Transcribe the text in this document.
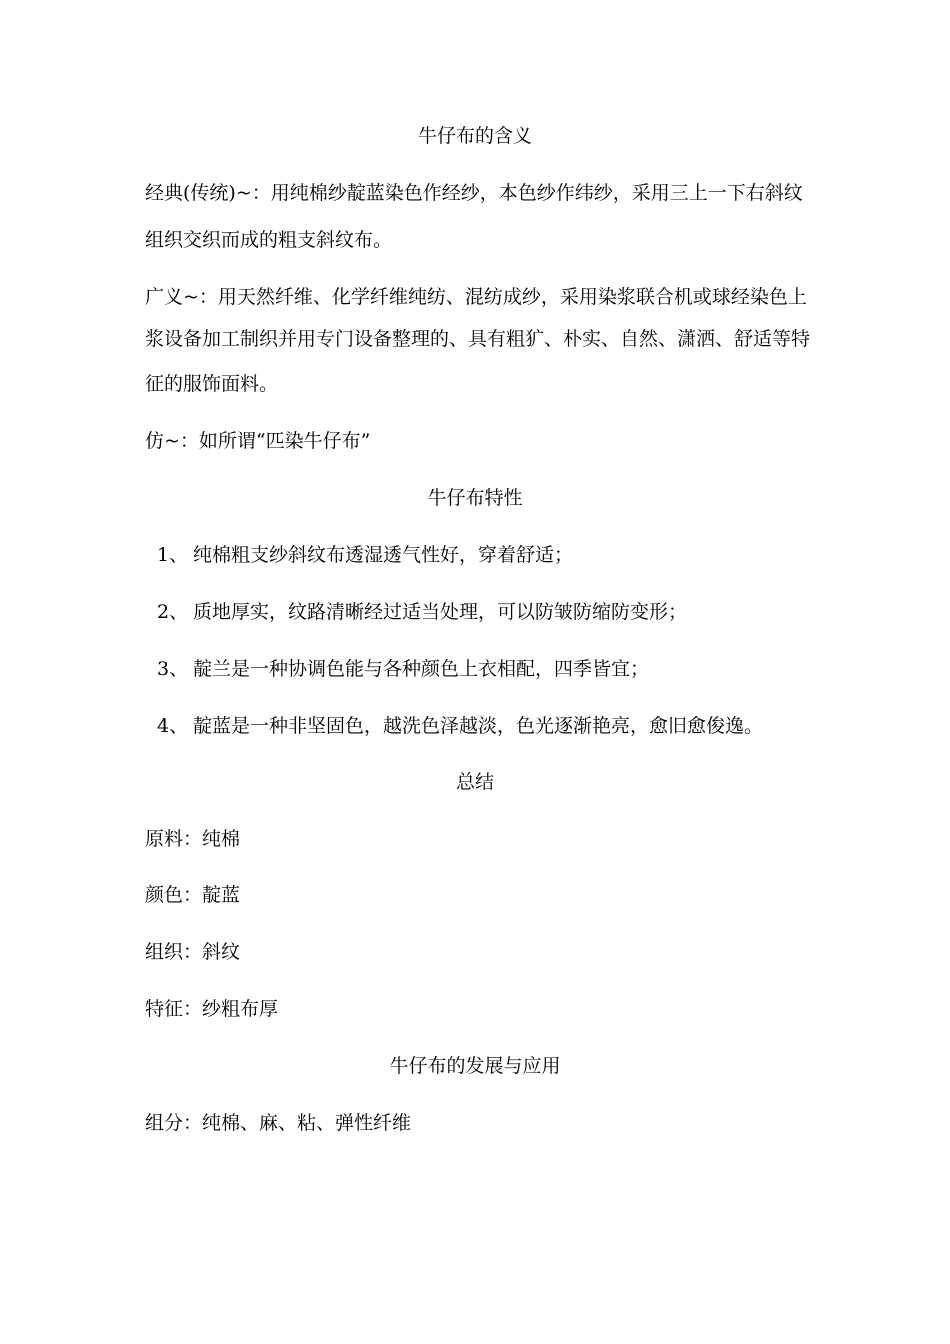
牛仔布的含义
经典(传统)~：用纯棉纱靛蓝染色作经纱，本色纱作纬纱，采用三上一下右斜纹
组织交织而成的粗支斜纹布。
广义~：用天然纤维、化学纤维纯纺、混纺成纱，采用染浆联合机或球经染色上
浆设备加工制织并用专门设备整理的、具有粗犷、朴实、自然、潇洒、舒适等特
征的服饰面料。
仿~：如所谓“匹染牛仔布”
牛仔布特性
1、 纯棉粗支纱斜纹布透湿透气性好，穿着舒适；
2、 质地厚实，纹路清晰经过适当处理，可以防皱防缩防变形；
3、 靛兰是一种协调色能与各种颜色上衣相配，四季皆宜；
4、 靛蓝是一种非坚固色，越洗色泽越淡，色光逐渐艳亮，愈旧愈俊逸。
总结
原料：纯棉
颜色：靛蓝
组织：斜纹
特征：纱粗布厚
牛仔布的发展与应用
组分：纯棉、麻、粘、弹性纤维
